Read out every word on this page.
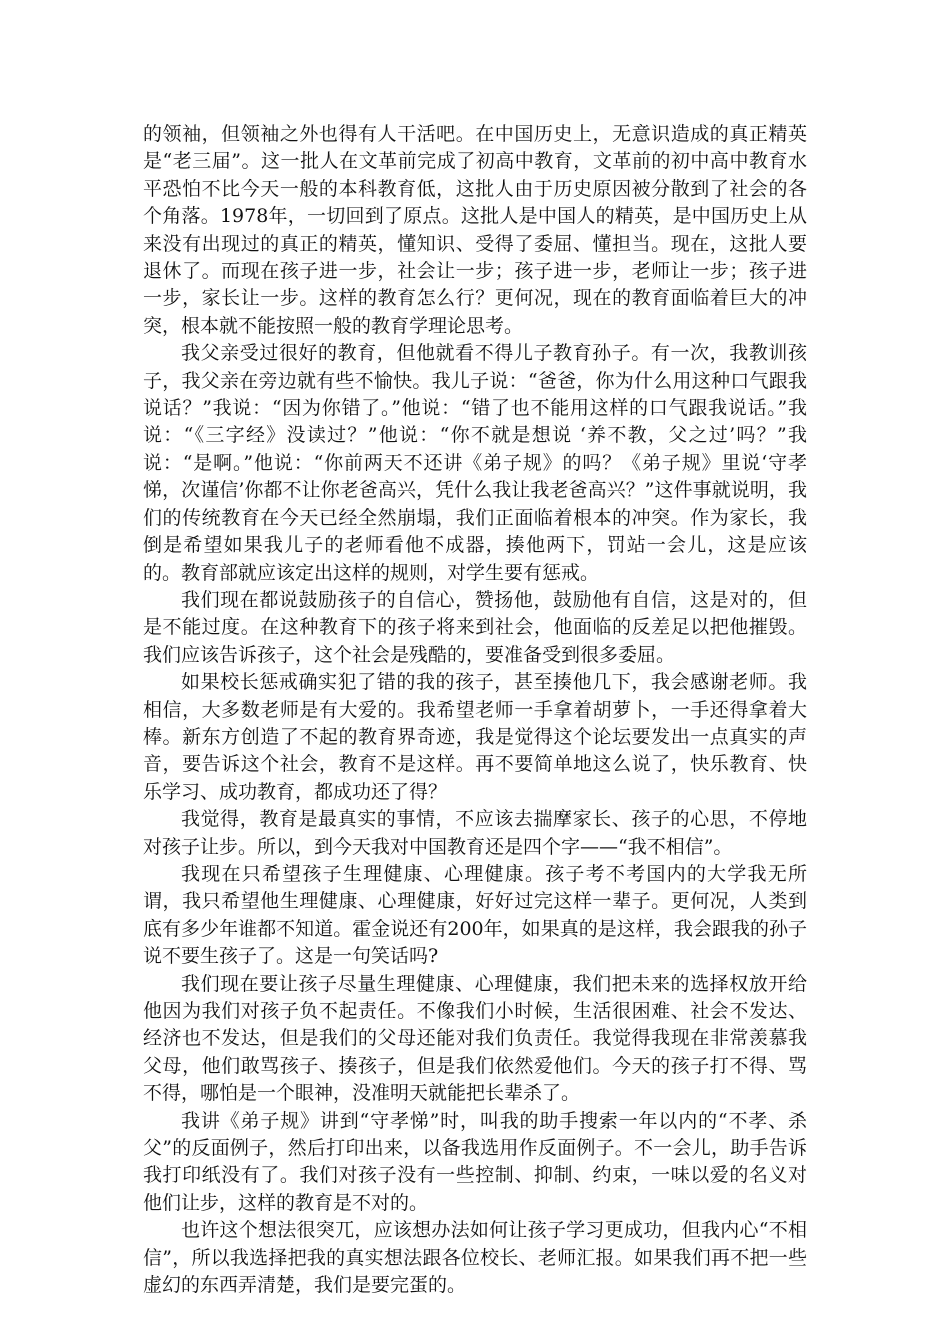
的领袖，但领袖之外也得有人干活吧。在中国历史上，无意识造成的真正精英是“老三届”。这一批人在文革前完成了初高中教育，文革前的初中高中教育水平恐怕不比今天一般的本科教育低，这批人由于历史原因被分散到了社会的各个角落。1978年，一切回到了原点。这批人是中国人的精英，是中国历史上从来没有出现过的真正的精英，懂知识、受得了委屈、懂担当。现在，这批人要退休了。而现在孩子进一步，社会让一步；孩子进一步，老师让一步；孩子进一步，家长让一步。这样的教育怎么行？更何况，现在的教育面临着巨大的冲突，根本就不能按照一般的教育学理论思考。

我父亲受过很好的教育，但他就看不得儿子教育孙子。有一次，我教训孩子，我父亲在旁边就有些不愉快。我儿子说：“爸爸，你为什么用这种口气跟我说话？”我说：“因为你错了。”他说：“错了也不能用这样的口气跟我说话。”我说：“《三字经》没读过？”他说：“你不就是想说 ‘养不教，父之过’吗？”我说：“是啊。”他说：“你前两天不还讲《弟子规》的吗？《弟子规》里说‘守孝悌，次谨信’你都不让你老爸高兴，凭什么我让我老爸高兴？”这件事就说明，我们的传统教育在今天已经全然崩塌，我们正面临着根本的冲突。作为家长，我倒是希望如果我儿子的老师看他不成器，揍他两下，罚站一会儿，这是应该的。教育部就应该定出这样的规则，对学生要有惩戒。

我们现在都说鼓励孩子的自信心，赞扬他，鼓励他有自信，这是对的，但是不能过度。在这种教育下的孩子将来到社会，他面临的反差足以把他摧毁。我们应该告诉孩子，这个社会是残酷的，要准备受到很多委屈。

如果校长惩戒确实犯了错的我的孩子，甚至揍他几下，我会感谢老师。我相信，大多数老师是有大爱的。我希望老师一手拿着胡萝卜，一手还得拿着大棒。新东方创造了不起的教育界奇迹，我是觉得这个论坛要发出一点真实的声音，要告诉这个社会，教育不是这样。再不要简单地这么说了，快乐教育、快乐学习、成功教育，都成功还了得？

我觉得，教育是最真实的事情，不应该去揣摩家长、孩子的心思，不停地对孩子让步。所以，到今天我对中国教育还是四个字——“我不相信”。

我现在只希望孩子生理健康、心理健康。孩子考不考国内的大学我无所谓，我只希望他生理健康、心理健康，好好过完这样一辈子。更何况，人类到底有多少年谁都不知道。霍金说还有200年，如果真的是这样，我会跟我的孙子说不要生孩子了。这是一句笑话吗?

我们现在要让孩子尽量生理健康、心理健康，我们把未来的选择权放开给他因为我们对孩子负不起责任。不像我们小时候，生活很困难、社会不发达、经济也不发达，但是我们的父母还能对我们负责任。我觉得我现在非常羡慕我父母，他们敢骂孩子、揍孩子，但是我们依然爱他们。今天的孩子打不得、骂不得，哪怕是一个眼神，没准明天就能把长辈杀了。

我讲《弟子规》讲到“守孝悌”时，叫我的助手搜索一年以内的“不孝、杀父”的反面例子，然后打印出来，以备我选用作反面例子。不一会儿，助手告诉我打印纸没有了。我们对孩子没有一些控制、抑制、约束，一味以爱的名义对他们让步，这样的教育是不对的。

也许这个想法很突兀，应该想办法如何让孩子学习更成功，但我内心“不相信”，所以我选择把我的真实想法跟各位校长、老师汇报。如果我们再不把一些虚幻的东西弄清楚，我们是要完蛋的。
